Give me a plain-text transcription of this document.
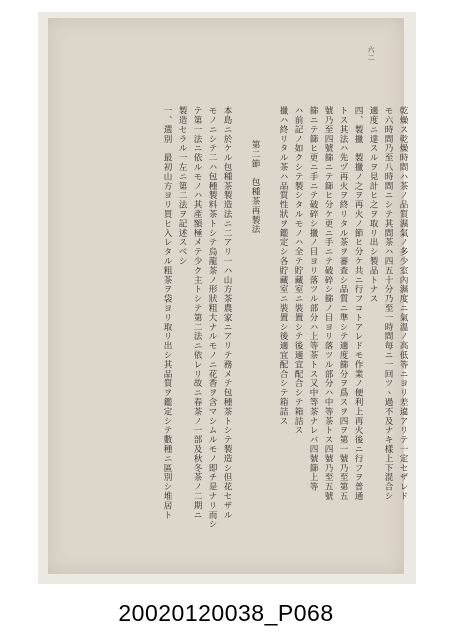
六二
乾燥ス乾燥時間ハ茶ノ品質濕氣ノ多少室內濕度ニ氣溫ノ高低等ニヨリ差違アリテ一定セザレド
モ六時間乃至八時間ニシテ其間茶ハ四五十分乃至一時間毎ニ一回ツヽ過不及ナキ樣上下混合シ
適度ニ達スルヲ見計ヒ之ヲ取リ出シ製品トナス
四、製擸　製擸ノ之ヲ再火ノ節ヒ分ケ共ニ行フコトアレドモ作業ノ便利上再火後ニ行フヲ普通
トス其法ハ先ヅ再火ヲ終リタル茶ヲ審査シ品質ニ準シテ適度篩分ヲ爲スヲ四ヲ第一號乃至第五
號乃至四號篩ニテ篩ヒ分ケ更ニ手ニテ破碎シ篩ノ目ヨリ落ツル部分ハ中等茶トス四號乃至五號
篩ニテ篩ヒ更ニ手ニテ破碎シ擸ノ目ヨリ落ツル部分ハ上等茶トス又中等茶ナレバ四號篩上等
ハ前記ノ如クシテ製シタルモノハ全テ貯藏室ニ裝置シテ後適宜配合シテ箱詰ス
擸ハ終リタル茶ハ品質性狀ヲ鑑定シ各貯藏室ニ裝置シ後適宜配合シテ箱詰ス
第二節　包種茶再製法
本島ニ於ケル包種茶製造法ニ二アリ一ハ山方茶農家ニアリテ務メテ包種茶トシテ製造シ但花セザル
モノニシテ二ハ包種製料茶トシテ烏龍茶ノ形狀粗大ナルモノニ花香ヲ含マシムルモノ即チ是ナリ而シ
テ第一法ニ依ルモノハ其產額極メテ少ク主トシテ第二法ニ依レリ故ニ春茶ノ一部及秋冬茶ノ二期ニ
製造セラル一左ニ第二法ヲ記述スベシ
一、選別　最初山方ヨリ買ヒ入レタル粗茶ヲ袋ヨリ取リ出シ其品質ヲ鑑定シテ數種ニ區別シ堆居ト
20020120038_P068
